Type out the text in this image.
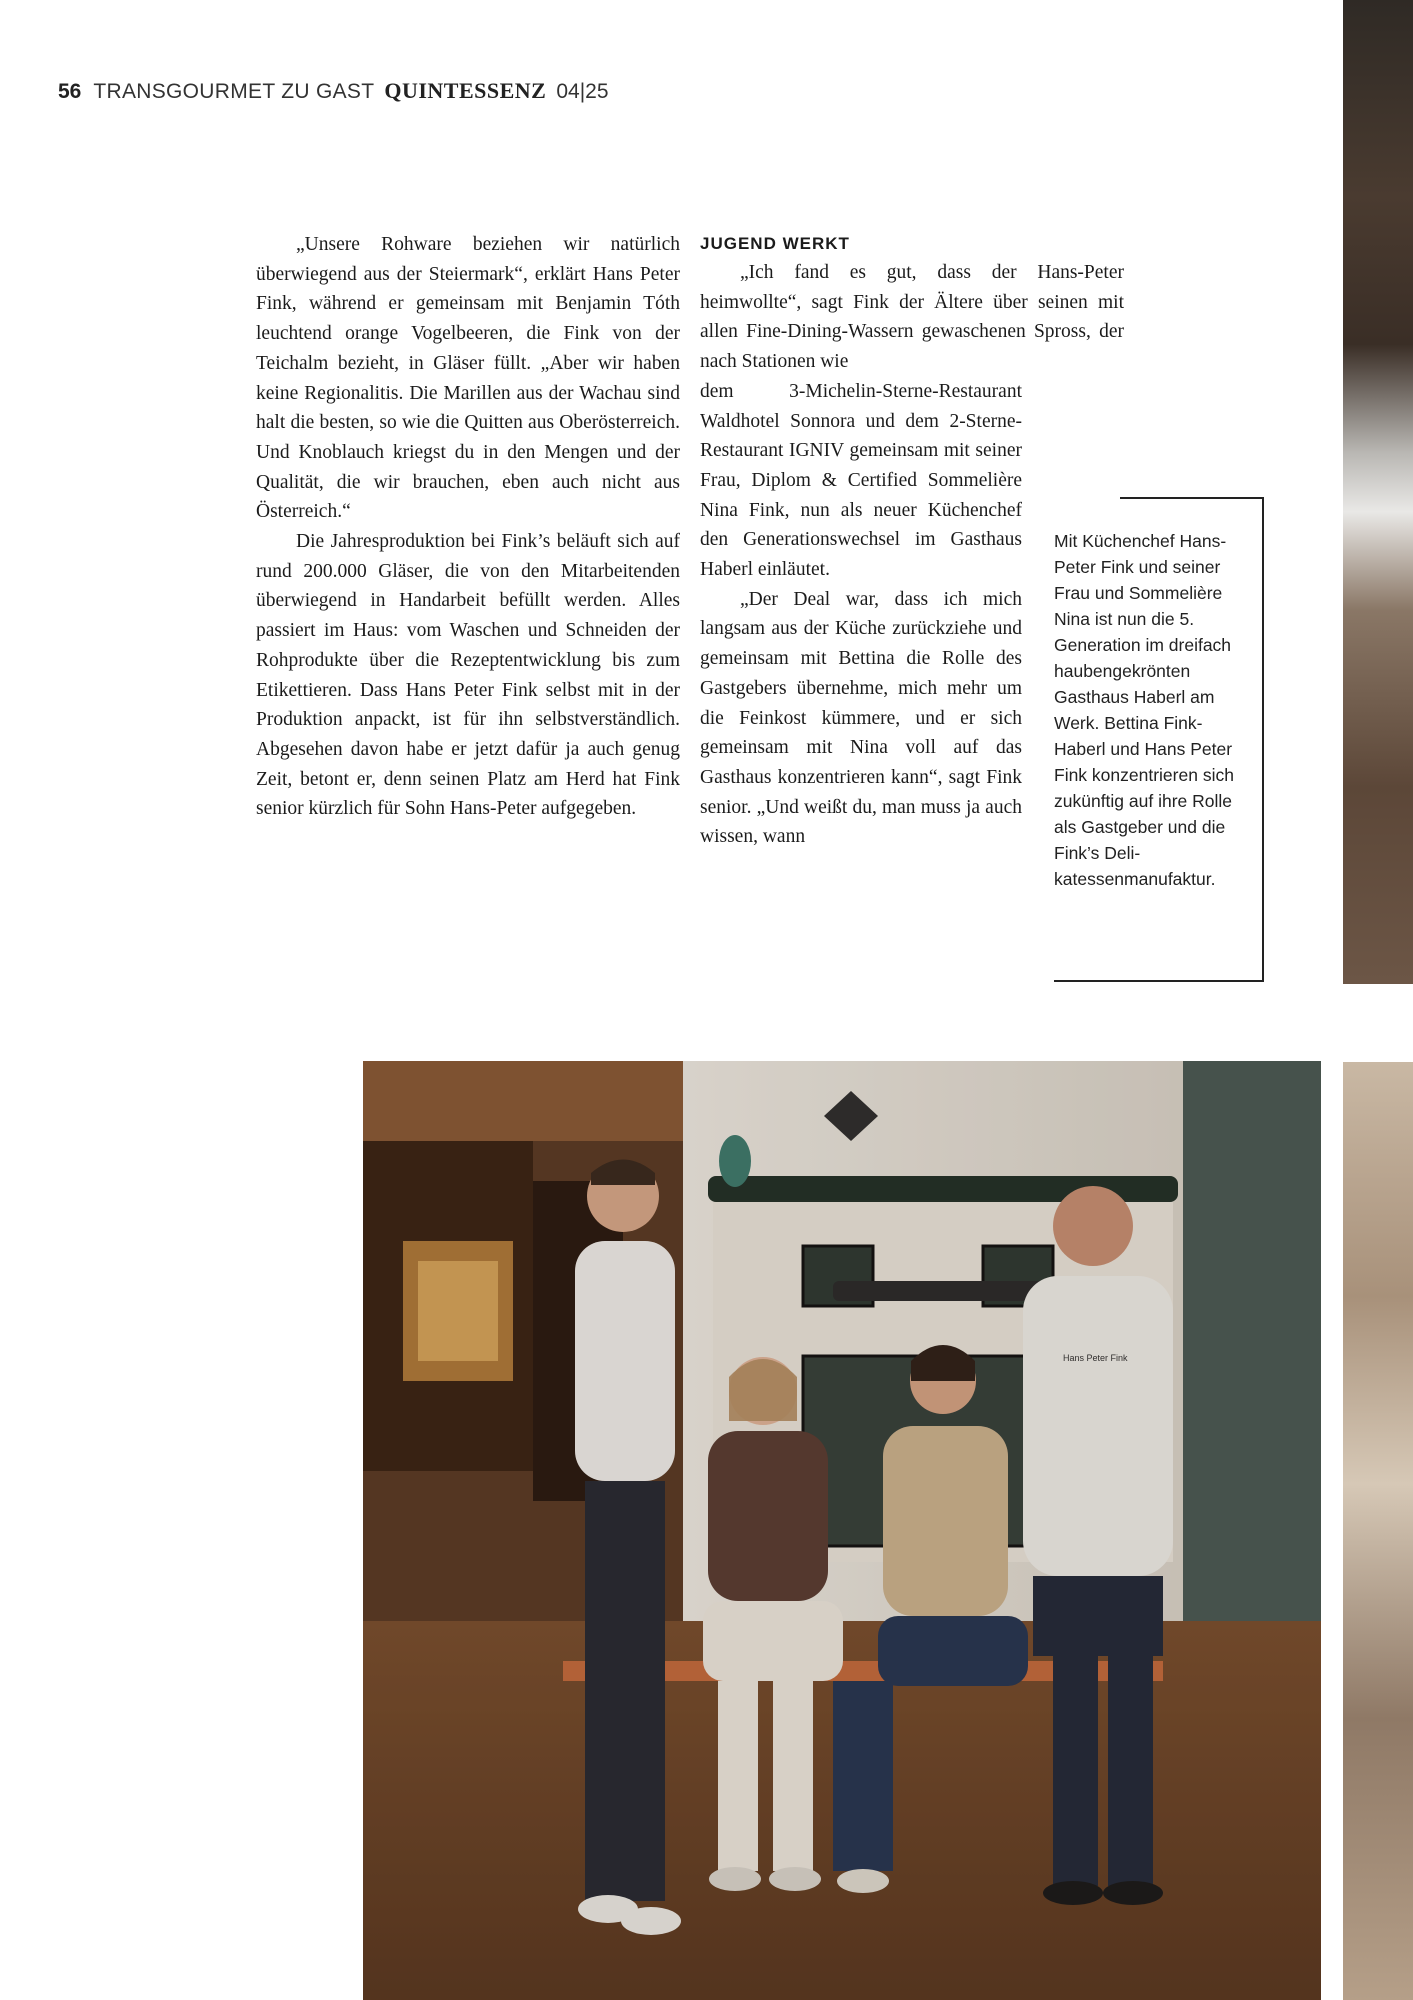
56 TRANSGOURMET ZU GAST QUINTESSENZ 04|25

„Unsere Rohware beziehen wir natürlich überwiegend aus der Steiermark“, erklärt Hans Peter Fink, während er gemeinsam mit Benjamin Tóth leuchtend orange Vogelbeeren, die Fink von der Teichalm bezieht, in Gläser füllt. „Aber wir haben keine Regionalitis. Die Marillen aus der Wachau sind halt die besten, so wie die Quitten aus Oberösterreich. Und Knoblauch kriegst du in den Mengen und der Qualität, die wir brauchen, eben auch nicht aus Österreich.“

Die Jahresproduktion bei Fink’s beläuft sich auf rund 200.000 Gläser, die von den Mitarbeitenden überwiegend in Handarbeit befüllt werden. Alles passiert im Haus: vom Waschen und Schneiden der Rohprodukte über die Rezeptentwicklung bis zum Etikettieren. Dass Hans Peter Fink selbst mit in der Produktion anpackt, ist für ihn selbstverständlich. Abgesehen davon habe er jetzt dafür ja auch genug Zeit, betont er, denn seinen Platz am Herd hat Fink senior kürzlich für Sohn Hans-Peter aufgegeben.

JUGEND WERKT

„Ich fand es gut, dass der Hans-Peter heimwollte“, sagt Fink der Ältere über seinen mit allen Fine-Dining-Wassern gewaschenen Spross, der nach Stationen wie

dem 3-Michelin-Sterne-Restaurant Waldhotel Sonnora und dem 2-Sterne-Restaurant IGNIV gemeinsam mit seiner Frau, Diplom & Certified Sommelière Nina Fink, nun als neuer Küchenchef den Generationswechsel im Gasthaus Haberl einläutet.

„Der Deal war, dass ich mich langsam aus der Küche zurückziehe und gemeinsam mit Bettina die Rolle des Gastgebers übernehme, mich mehr um die Feinkost kümmere, und er sich gemeinsam mit Nina voll auf das Gasthaus konzentrieren kann“, sagt Fink senior. „Und weißt du, man muss ja auch wissen, wann

Mit Küchenchef Hans-Peter Fink und seiner Frau und Sommelière Nina ist nun die 5. Generation im dreifach haubengekrönten Gasthaus Haberl am Werk. Bettina Fink-Haberl und Hans Peter Fink konzentrieren sich zukünftig auf ihre Rolle als Gastgeber und die Fink’s Delikatessenmanufaktur.
Hans Peter Fink
